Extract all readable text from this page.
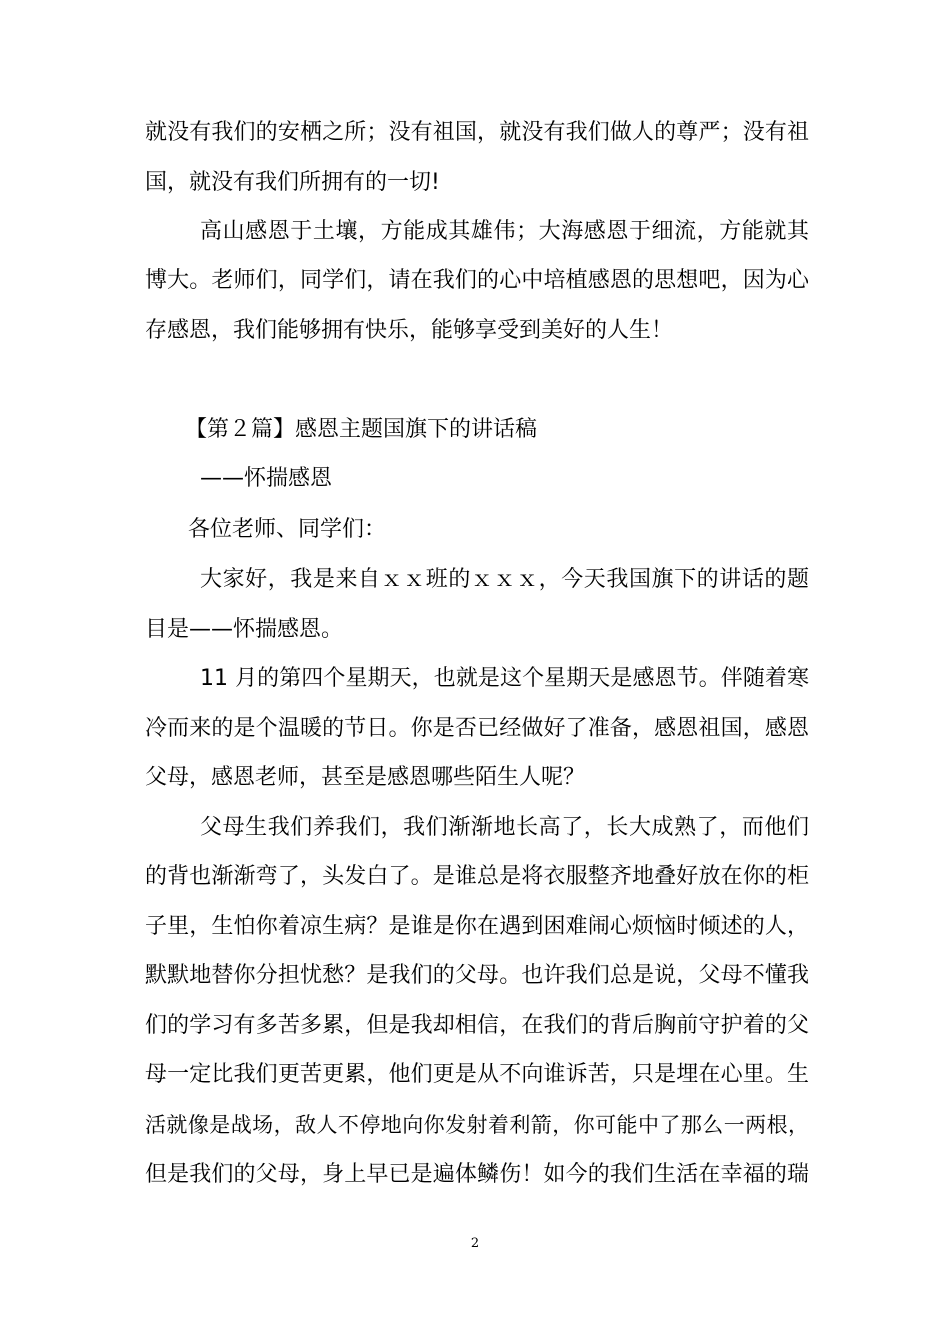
就没有我们的安栖之所；没有祖国，就没有我们做人的尊严；没有祖
国，就没有我们所拥有的一切!
高山感恩于土壤，方能成其雄伟；大海感恩于细流，方能就其
博大。老师们，同学们，请在我们的心中培植感恩的思想吧，因为心
存感恩，我们能够拥有快乐，能够享受到美好的人生！
【第２篇】感恩主题国旗下的讲话稿
——怀揣感恩
各位老师、同学们：
大家好，我是来自ｘｘ班的ｘｘｘ，今天我国旗下的讲话的题
目是——怀揣感恩。
11 月的第四个星期天，也就是这个星期天是感恩节。伴随着寒
冷而来的是个温暖的节日。你是否已经做好了准备，感恩祖国，感恩
父母，感恩老师，甚至是感恩哪些陌生人呢？
父母生我们养我们，我们渐渐地长高了，长大成熟了，而他们
的背也渐渐弯了，头发白了。是谁总是将衣服整齐地叠好放在你的柜
子里，生怕你着凉生病？是谁是你在遇到困难闹心烦恼时倾述的人，
默默地替你分担忧愁？是我们的父母。也许我们总是说，父母不懂我
们的学习有多苦多累，但是我却相信，在我们的背后胸前守护着的父
母一定比我们更苦更累，他们更是从不向谁诉苦，只是埋在心里。生
活就像是战场，敌人不停地向你发射着利箭，你可能中了那么一两根，
但是我们的父母，身上早已是遍体鳞伤！如今的我们生活在幸福的瑞
2
